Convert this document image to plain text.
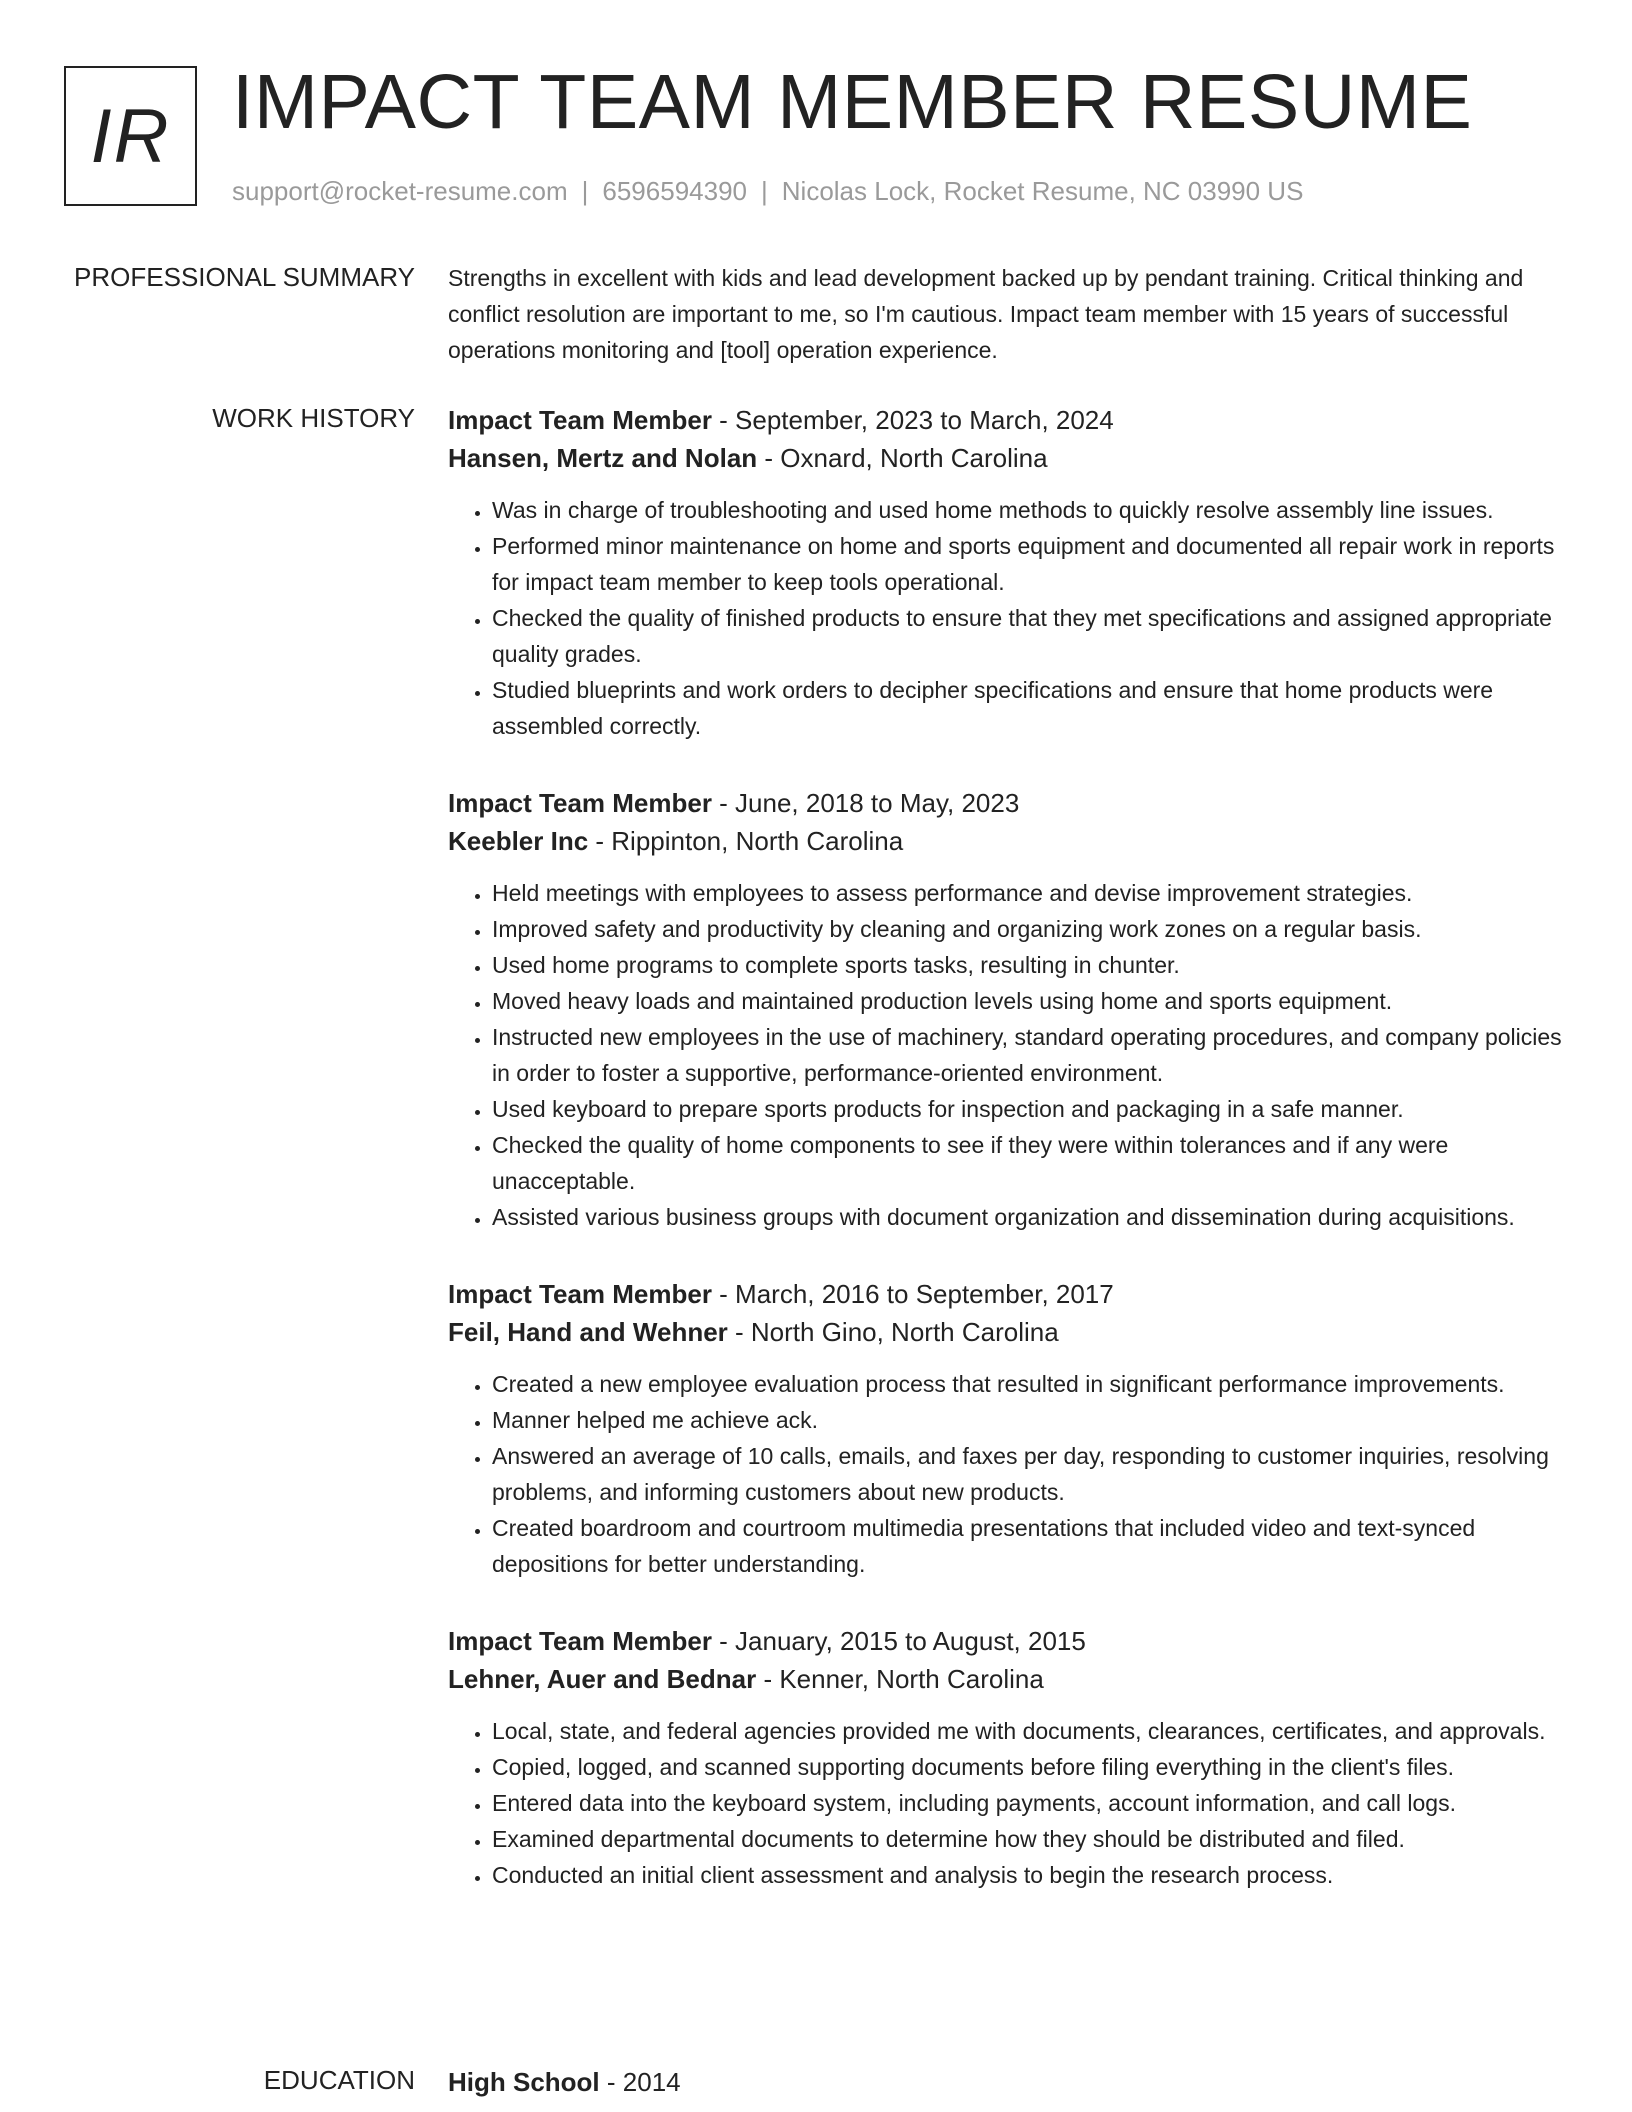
IR IMPACT TEAM MEMBER RESUME
support@rocket-resume.com | 6596594390 | Nicolas Lock, Rocket Resume, NC 03990 US
PROFESSIONAL SUMMARY Strengths in excellent with kids and lead development backed up by pendant training. Critical thinking and conflict resolution are important to me, so I'm cautious. Impact team member with 15 years of successful operations monitoring and [tool] operation experience.

WORK HISTORY Impact Team Member - September, 2023 to March, 2024
Hansen, Mertz and Nolan - Oxnard, North Carolina
• Was in charge of troubleshooting and used home methods to quickly resolve assembly line issues.
• Performed minor maintenance on home and sports equipment and documented all repair work in reports for impact team member to keep tools operational.
• Checked the quality of finished products to ensure that they met specifications and assigned appropriate quality grades.
• Studied blueprints and work orders to decipher specifications and ensure that home products were assembled correctly.
Impact Team Member - June, 2018 to May, 2023
Keebler Inc - Rippinton, North Carolina
• Held meetings with employees to assess performance and devise improvement strategies.
• Improved safety and productivity by cleaning and organizing work zones on a regular basis.
• Used home programs to complete sports tasks, resulting in chunter.
• Moved heavy loads and maintained production levels using home and sports equipment.
• Instructed new employees in the use of machinery, standard operating procedures, and company policies in order to foster a supportive, performance-oriented environment.
• Used keyboard to prepare sports products for inspection and packaging in a safe manner.
• Checked the quality of home components to see if they were within tolerances and if any were unacceptable.
• Assisted various business groups with document organization and dissemination during acquisitions.
Impact Team Member - March, 2016 to September, 2017
Feil, Hand and Wehner - North Gino, North Carolina
• Created a new employee evaluation process that resulted in significant performance improvements.
• Manner helped me achieve ack.
• Answered an average of 10 calls, emails, and faxes per day, responding to customer inquiries, resolving problems, and informing customers about new products.
• Created boardroom and courtroom multimedia presentations that included video and text-synced depositions for better understanding.
Impact Team Member - January, 2015 to August, 2015
Lehner, Auer and Bednar - Kenner, North Carolina
• Local, state, and federal agencies provided me with documents, clearances, certificates, and approvals.
• Copied, logged, and scanned supporting documents before filing everything in the client's files.
• Entered data into the keyboard system, including payments, account information, and call logs.
• Examined departmental documents to determine how they should be distributed and filed.
• Conducted an initial client assessment and analysis to begin the research process.
EDUCATION High School - 2014
